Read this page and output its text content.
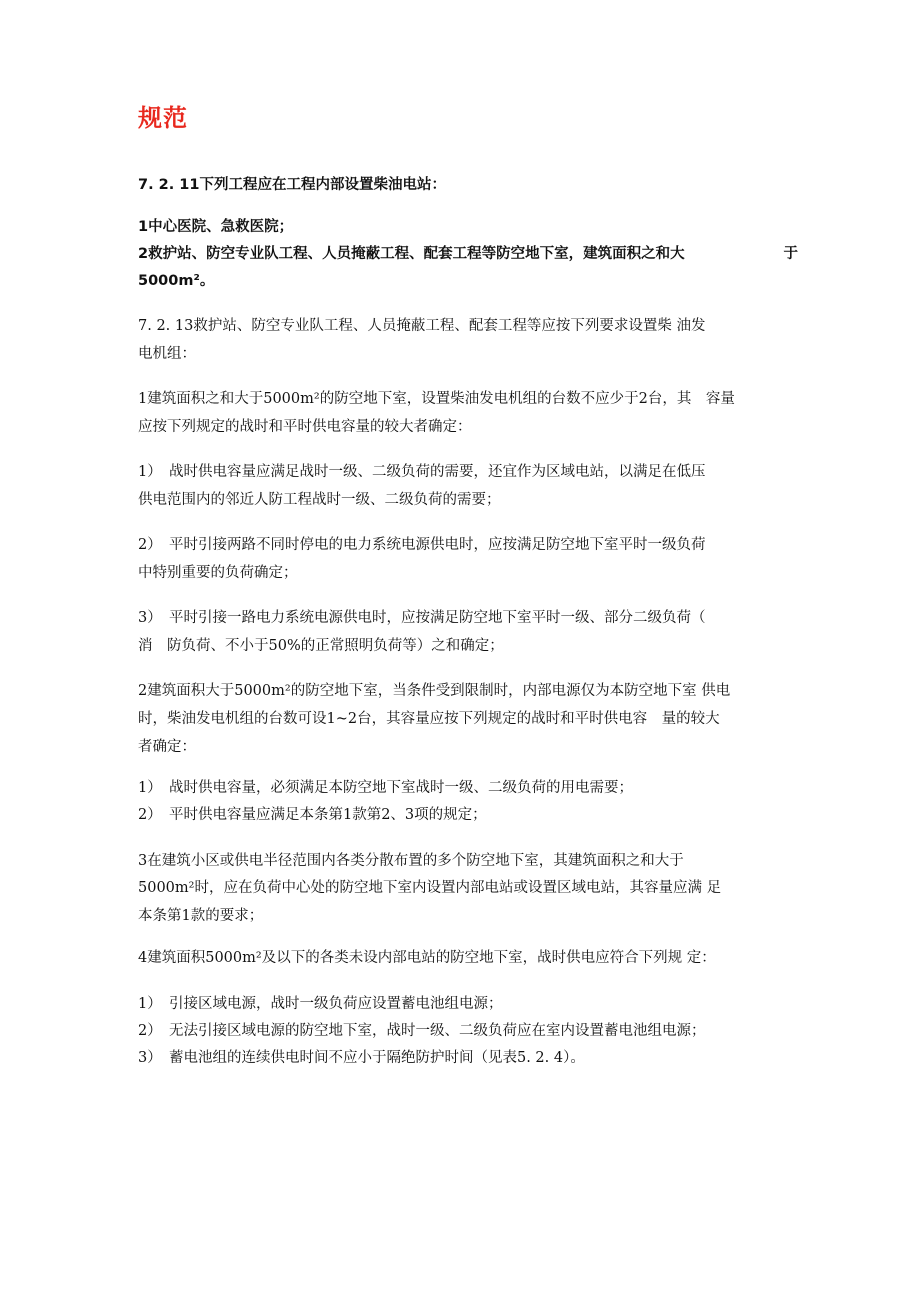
规范
7. 2. 11下列工程应在工程内部设置柴油电站：
1中心医院、急救医院；
2救护站、防空专业队工程、人员掩蔽工程、配套工程等防空地下室，建筑面积之和大	于
5000m²。
7. 2. 13救护站、防空专业队工程、人员掩蔽工程、配套工程等应按下列要求设置柴 油发
电机组：
1建筑面积之和大于5000m²的防空地下室，设置柴油发电机组的台数不应少于2台，其　容量
应按下列规定的战时和平时供电容量的较大者确定：
1）　战时供电容量应满足战时一级、二级负荷的需要，还宜作为区域电站，以满足在低压
供电范围内的邻近人防工程战时一级、二级负荷的需要；
2）　平时引接两路不同时停电的电力系统电源供电时，应按满足防空地下室平时一级负荷
中特别重要的负荷确定；
3）　平时引接一路电力系统电源供电时，应按满足防空地下室平时一级、部分二级负荷（
消　防负荷、不小于50%的正常照明负荷等）之和确定；
2建筑面积大于5000m²的防空地下室，当条件受到限制时，内部电源仅为本防空地下室 供电
时，柴油发电机组的台数可设1~2台，其容量应按下列规定的战时和平时供电容　量的较大
者确定：
1）　战时供电容量，必须满足本防空地下室战时一级、二级负荷的用电需要；
2）　平时供电容量应满足本条第1款第2、3项的规定；
3在建筑小区或供电半径范围内各类分散布置的多个防空地下室，其建筑面积之和大于
5000m²时，应在负荷中心处的防空地下室内设置内部电站或设置区域电站，其容量应满 足
本条第1款的要求；
4建筑面积5000m²及以下的各类未设内部电站的防空地下室，战时供电应符合下列规 定：
1）　引接区域电源，战时一级负荷应设置蓄电池组电源；
2）　无法引接区域电源的防空地下室，战时一级、二级负荷应在室内设置蓄电池组电源；
3）　蓄电池组的连续供电时间不应小于隔绝防护时间（见表5. 2. 4）。
